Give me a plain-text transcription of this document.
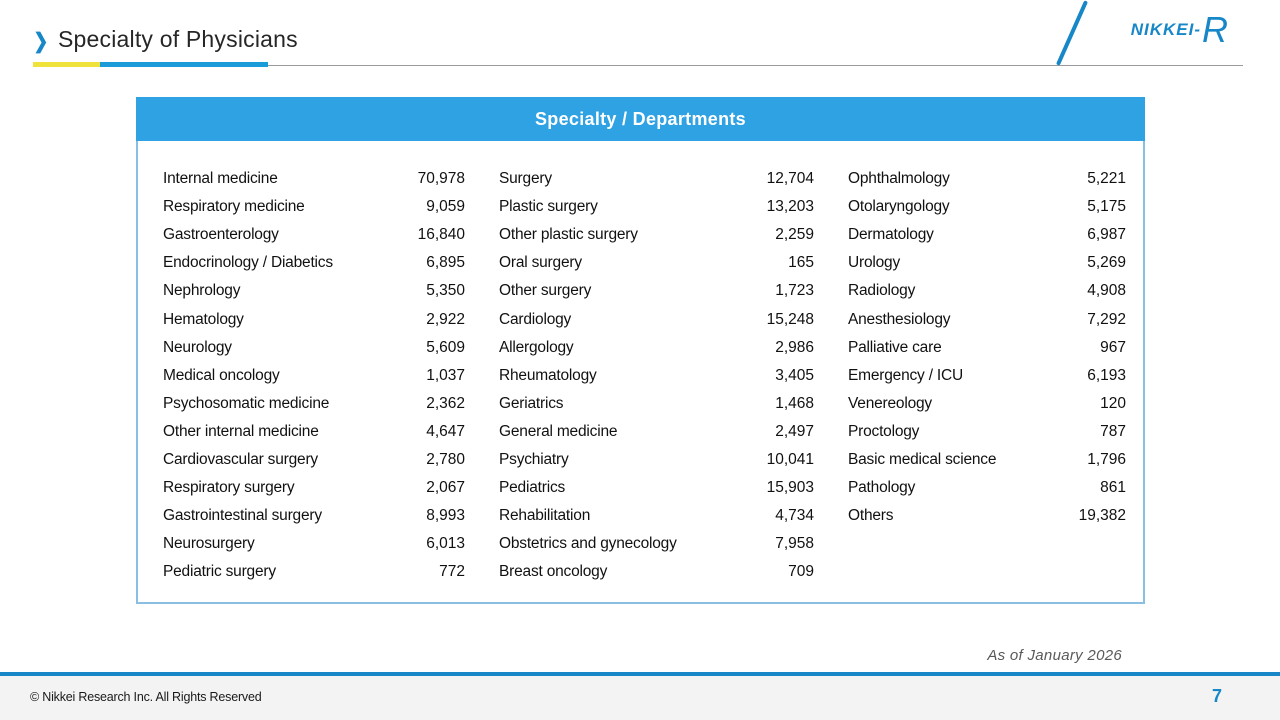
❯ Specialty of Physicians	NIKKEI- R
Specialty / Departments
Internal medicine	70,978
Respiratory medicine	9,059
Gastroenterology	16,840
Endocrinology / Diabetics	6,895
Nephrology	5,350
Hematology	2,922
Neurology	5,609
Medical oncology	1,037
Psychosomatic medicine	2,362
Other internal medicine	4,647
Cardiovascular surgery	2,780
Respiratory surgery	2,067
Gastrointestinal surgery	8,993
Neurosurgery	6,013
Pediatric surgery	772
Surgery	12,704
Plastic surgery	13,203
Other plastic surgery	2,259
Oral surgery	165
Other surgery	1,723
Cardiology	15,248
Allergology	2,986
Rheumatology	3,405
Geriatrics	1,468
General medicine	2,497
Psychiatry	10,041
Pediatrics	15,903
Rehabilitation	4,734
Obstetrics and gynecology	7,958
Breast oncology	709
Ophthalmology	5,221
Otolaryngology	5,175
Dermatology	6,987
Urology	5,269
Radiology	4,908
Anesthesiology	7,292
Palliative care	967
Emergency / ICU	6,193
Venereology	120
Proctology	787
Basic medical science	1,796
Pathology	861
Others	19,382
As of January 2026
© Nikkei Research Inc. All Rights Reserved	7
